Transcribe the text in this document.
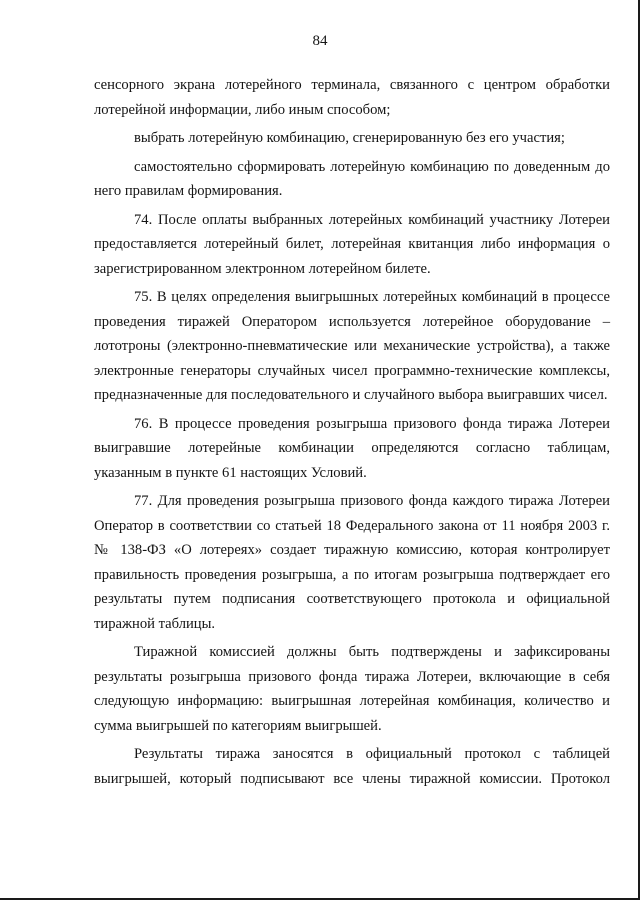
84

сенсорного экрана лотерейного терминала, связанного с центром обработки лотерейной информации, либо иным способом;

выбрать лотерейную комбинацию, сгенерированную без его участия;

самостоятельно сформировать лотерейную комбинацию по доведенным до него правилам формирования.

74. После оплаты выбранных лотерейных комбинаций участнику Лотереи предоставляется лотерейный билет, лотерейная квитанция либо информация о зарегистрированном электронном лотерейном билете.

75. В целях определения выигрышных лотерейных комбинаций в процессе проведения тиражей Оператором используется лотерейное оборудование – лототроны (электронно-пневматические или механические устройства), а также электронные генераторы случайных чисел программно-технические комплексы, предназначенные для последовательного и случайного выбора выигравших чисел.

76. В процессе проведения розыгрыша призового фонда тиража Лотереи выигравшие лотерейные комбинации определяются согласно таблицам, указанным в пункте 61 настоящих Условий.

77. Для проведения розыгрыша призового фонда каждого тиража Лотереи Оператор в соответствии со статьей 18 Федерального закона от 11 ноября 2003 г. № 138-ФЗ «О лотереях» создает тиражную комиссию, которая контролирует правильность проведения розыгрыша, а по итогам розыгрыша подтверждает его результаты путем подписания соответствующего протокола и официальной тиражной таблицы.

Тиражной комиссией должны быть подтверждены и зафиксированы результаты розыгрыша призового фонда тиража Лотереи, включающие в себя следующую информацию: выигрышная лотерейная комбинация, количество и сумма выигрышей по категориям выигрышей.

Результаты тиража заносятся в официальный протокол с таблицей выигрышей, который подписывают все члены тиражной комиссии. Протокол
